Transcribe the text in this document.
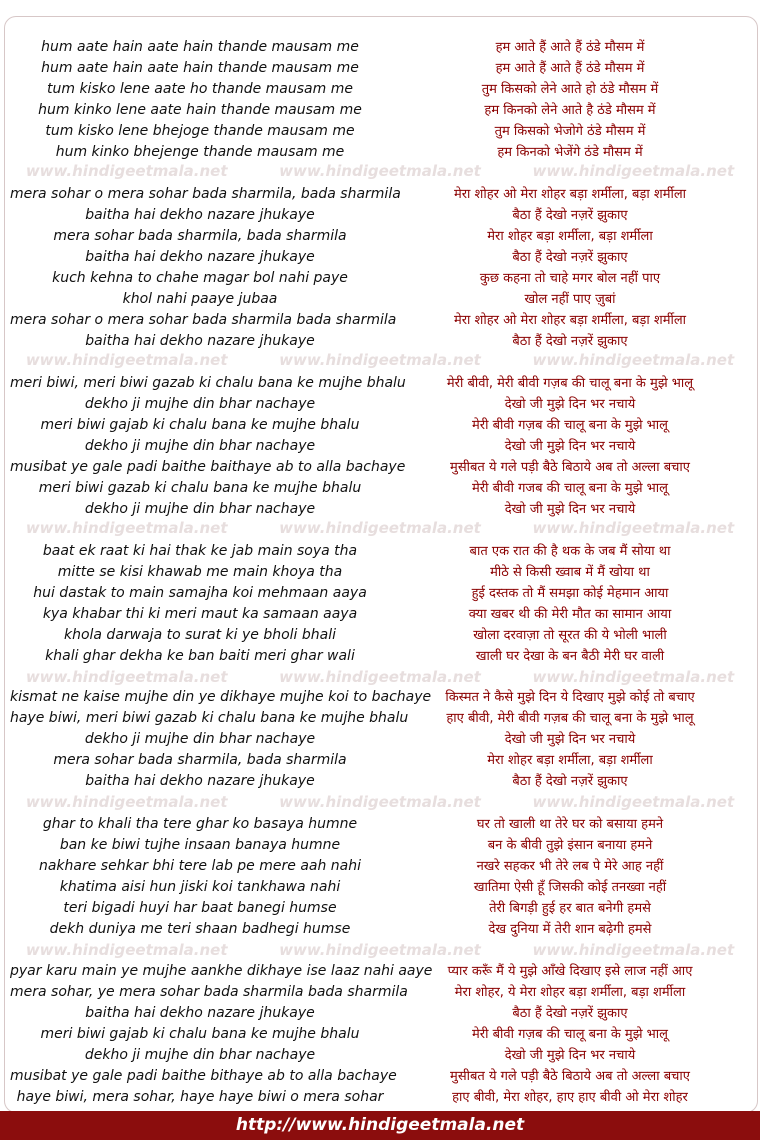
hum aate hain aate hain thande mausam me	हम आते हैं आते हैं ठंडे मौसम में
hum aate hain aate hain thande mausam me	हम आते हैं आते हैं ठंडे मौसम में
tum kisko lene aate ho thande mausam me	तुम किसको लेने आते हो ठंडे मौसम में
hum kinko lene aate hain thande mausam me	हम किनको लेने आते है ठंडे मौसम में
tum kisko lene bhejoge thande mausam me	तुम किसको भेजोगे ठंडे मौसम में
hum kinko bhejenge thande mausam me	हम किनको भेजेंगे ठंडे मौसम में
mera sohar o mera sohar bada sharmila, bada sharmila	मेरा शोहर ओ मेरा शोहर बड़ा शर्मीला, बड़ा शर्मीला
baitha hai dekho nazare jhukaye	बैठा हैं देखो नज़रें झुकाए
mera sohar bada sharmila, bada sharmila	मेरा शोहर बड़ा शर्मीला, बड़ा शर्मीला
baitha hai dekho nazare jhukaye	बैठा हैं देखो नज़रें झुकाए
kuch kehna to chahe magar bol nahi paye	कुछ कहना तो चाहे मगर बोल नहीं पाए
khol nahi paaye jubaa	खोल नहीं पाए ज़ुबां
mera sohar o mera sohar bada sharmila bada sharmila	मेरा शोहर ओ मेरा शोहर बड़ा शर्मीला, बड़ा शर्मीला
baitha hai dekho nazare jhukaye	बैठा हैं देखो नज़रें झुकाए
meri biwi, meri biwi gazab ki chalu bana ke mujhe bhalu	मेरी बीवी, मेरी बीवी गज़ब की चालू बना के मुझे भालू
dekho ji mujhe din bhar nachaye	देखो जी मुझे दिन भर नचाये
meri biwi gajab ki chalu bana ke mujhe bhalu	मेरी बीवी गज़ब की चालू बना के मुझे भालू
dekho ji mujhe din bhar nachaye	देखो जी मुझे दिन भर नचाये
musibat ye gale padi baithe baithaye ab to alla bachaye	मुसीबत ये गले पड़ी बैठे बिठाये अब तो अल्ला बचाए
meri biwi gazab ki chalu bana ke mujhe bhalu	मेरी बीवी गजब की चालू बना के मुझे भालू
dekho ji mujhe din bhar nachaye	देखो जी मुझे दिन भर नचाये
baat ek raat ki hai thak ke jab main soya tha	बात एक रात की है थक के जब मैं सोया था
mitte se kisi khawab me main khoya tha	मीठे से किसी ख्वाब में मैं खोया था
hui dastak to main samajha koi mehmaan aaya	हुई दस्तक तो मैं समझा कोई मेहमान आया
kya khabar thi ki meri maut ka samaan aaya	क्या खबर थी की मेरी मौत का सामान आया
khola darwaja to surat ki ye bholi bhali	खोला दरवाज़ा तो सूरत की ये भोली भाली
khali ghar dekha ke ban baiti meri ghar wali	खाली घर देखा के बन बैठी मेरी घर वाली
kismat ne kaise mujhe din ye dikhaye mujhe koi to bachaye	किस्मत ने कैसे मुझे दिन ये दिखाए मुझे कोई तो बचाए
haye biwi, meri biwi gazab ki chalu bana ke mujhe bhalu	हाए बीवी, मेरी बीवी गज़ब की चालू बना के मुझे भालू
dekho ji mujhe din bhar nachaye	देखो जी मुझे दिन भर नचाये
mera sohar bada sharmila, bada sharmila	मेरा शोहर बड़ा शर्मीला, बड़ा शर्मीला
baitha hai dekho nazare jhukaye	बैठा हैं देखो नज़रें झुकाए
ghar to khali tha tere ghar ko basaya humne	घर तो खाली था तेरे घर को बसाया हमने
ban ke biwi tujhe insaan banaya humne	बन के बीवी तुझे इंसान बनाया हमने
nakhare sehkar bhi tere lab pe mere aah nahi	नखरे सहकर भी तेरे लब पे मेरे आह नहीं
khatima aisi hun jiski koi tankhawa nahi	खातिमा ऐसी हूँ जिसकी कोई तनख्वा नहीं
teri bigadi huyi har baat banegi humse	तेरी बिगड़ी हुई हर बात बनेगी हमसे
dekh duniya me teri shaan badhegi humse	देख दुनिया में तेरी शान बढ़ेगी हमसे
pyar karu main ye mujhe aankhe dikhaye ise laaz nahi aaye	प्यार करूँ मैं ये मुझे आँखे दिखाए इसे लाज नहीं आए
mera sohar, ye mera sohar bada sharmila bada sharmila	मेरा शोहर, ये मेरा शोहर बड़ा शर्मीला, बड़ा शर्मीला
baitha hai dekho nazare jhukaye	बैठा हैं देखो नज़रें झुकाए
meri biwi gajab ki chalu bana ke mujhe bhalu	मेरी बीवी गज़ब की चालू बना के मुझे भालू
dekho ji mujhe din bhar nachaye	देखो जी मुझे दिन भर नचाये
musibat ye gale padi baithe bithaye ab to alla bachaye	मुसीबत ये गले पड़ी बैठे बिठाये अब तो अल्ला बचाए
haye biwi, mera sohar, haye haye biwi o mera sohar	हाए बीवी, मेरा शोहर, हाए हाए बीवी ओ मेरा शोहर
www.hindigeetmala.net	www.hindigeetmala.net	www.hindigeetmala.net
www.hindigeetmala.net	www.hindigeetmala.net	www.hindigeetmala.net
www.hindigeetmala.net	www.hindigeetmala.net	www.hindigeetmala.net
www.hindigeetmala.net	www.hindigeetmala.net	www.hindigeetmala.net
www.hindigeetmala.net	www.hindigeetmala.net	www.hindigeetmala.net
www.hindigeetmala.net	www.hindigeetmala.net	www.hindigeetmala.net
http://www.hindigeetmala.net
